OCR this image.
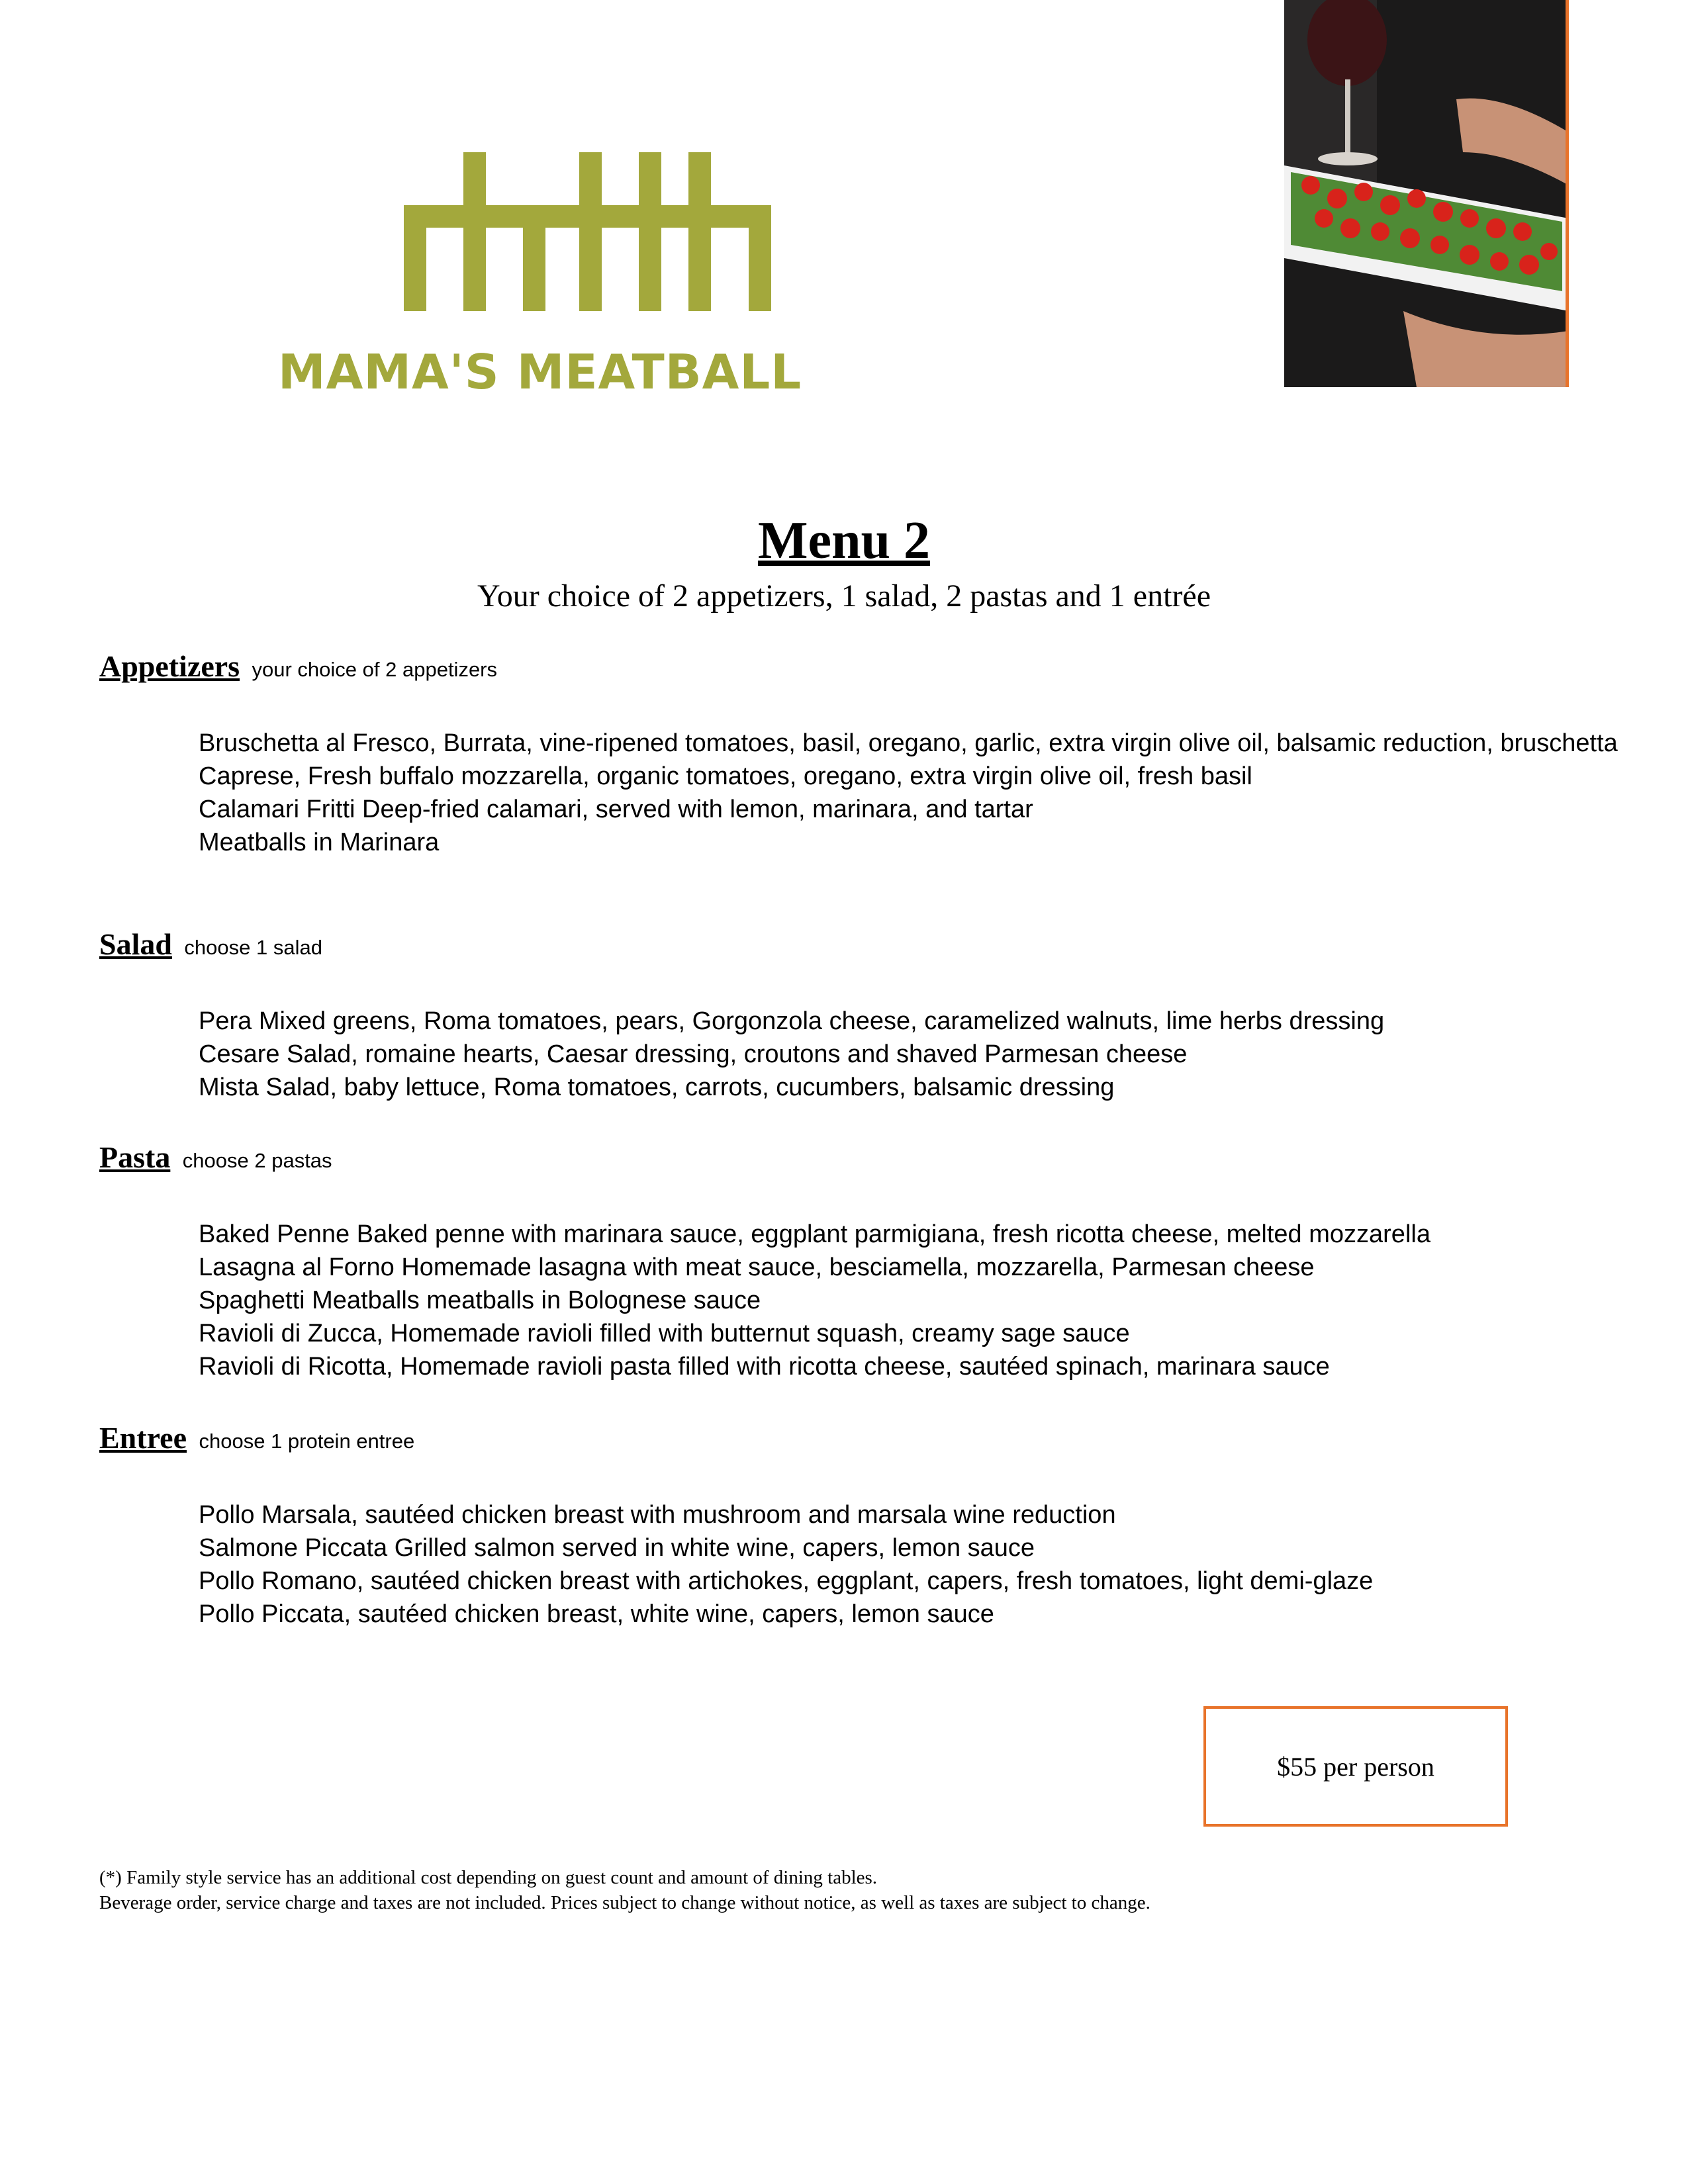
MAMA'S MEATBALL
Menu 2
Your choice of 2 appetizers, 1 salad, 2 pastas and 1 entrée
Appetizers your choice of 2 appetizers
Bruschetta al Fresco, Burrata, vine-ripened tomatoes, basil, oregano, garlic, extra virgin olive oil, balsamic reduction, bruschetta
Caprese, Fresh buffalo mozzarella, organic tomatoes, oregano, extra virgin olive oil, fresh basil
Calamari Fritti Deep-fried calamari, served with lemon, marinara, and tartar
Meatballs in Marinara
Salad choose 1 salad
Pera Mixed greens, Roma tomatoes, pears, Gorgonzola cheese, caramelized walnuts, lime herbs dressing
Cesare Salad, romaine hearts, Caesar dressing, croutons and shaved Parmesan cheese
Mista Salad, baby lettuce, Roma tomatoes, carrots, cucumbers, balsamic dressing
Pasta choose 2 pastas
Baked Penne Baked penne with marinara sauce, eggplant parmigiana, fresh ricotta cheese, melted mozzarella
Lasagna al Forno Homemade lasagna with meat sauce, besciamella, mozzarella, Parmesan cheese
Spaghetti Meatballs meatballs in Bolognese sauce
Ravioli di Zucca, Homemade ravioli filled with butternut squash, creamy sage sauce
Ravioli di Ricotta, Homemade ravioli pasta filled with ricotta cheese, sautéed spinach, marinara sauce
Entree choose 1 protein entree
Pollo Marsala, sautéed chicken breast with mushroom and marsala wine reduction
Salmone Piccata Grilled salmon served in white wine, capers, lemon sauce
Pollo Romano, sautéed chicken breast with artichokes, eggplant, capers, fresh tomatoes, light demi-glaze
Pollo Piccata, sautéed chicken breast, white wine, capers, lemon sauce
$55 per person
(*) Family style service has an additional cost depending on guest count and amount of dining tables.
Beverage order, service charge and taxes are not included. Prices subject to change without notice, as well as taxes are subject to change.
